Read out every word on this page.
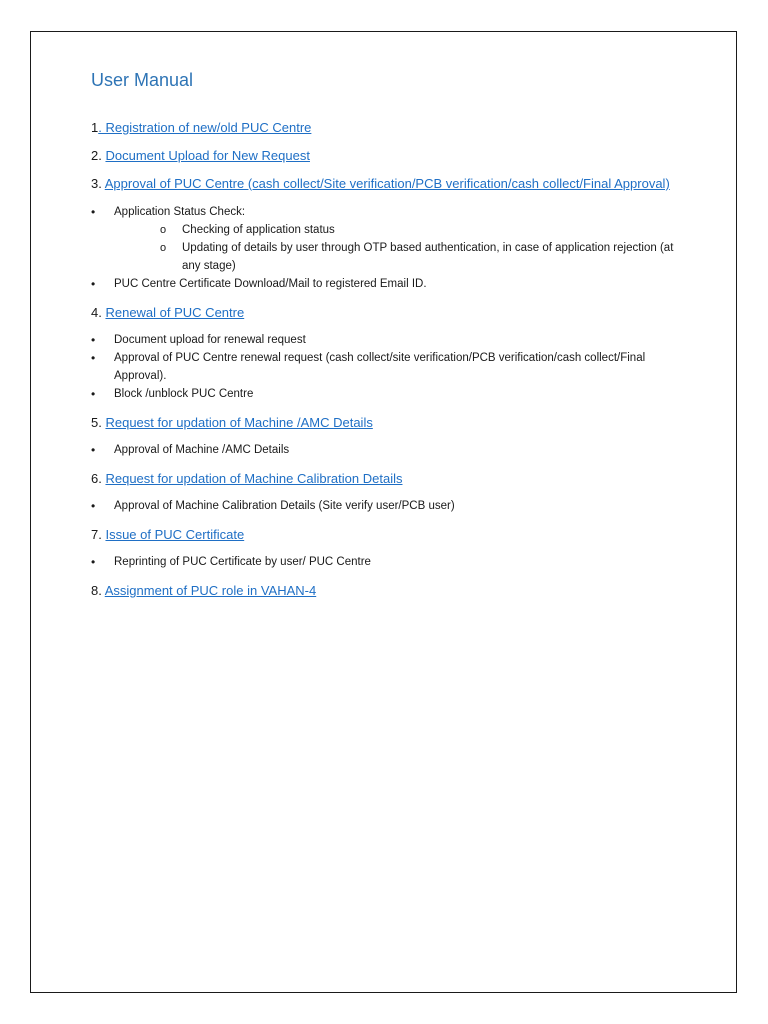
User Manual
1. Registration of new/old PUC Centre
2. Document Upload for New Request
3. Approval of PUC Centre (cash collect/Site verification/PCB verification/cash collect/Final Approval)
• Application Status Check:
o Checking of application status
o Updating of details by user through OTP based authentication, in case of application rejection (at any stage)
• PUC Centre Certificate Download/Mail to registered Email ID.
4. Renewal of PUC Centre
• Document upload for renewal request
• Approval of PUC Centre renewal request (cash collect/site verification/PCB verification/cash collect/Final Approval).
• Block /unblock PUC Centre
5. Request for updation of Machine /AMC Details
• Approval of Machine /AMC Details
6. Request for updation of Machine Calibration Details
• Approval of Machine Calibration Details (Site verify user/PCB user)
7. Issue of PUC Certificate
• Reprinting of PUC Certificate by user/ PUC Centre
8. Assignment of PUC role in VAHAN-4
